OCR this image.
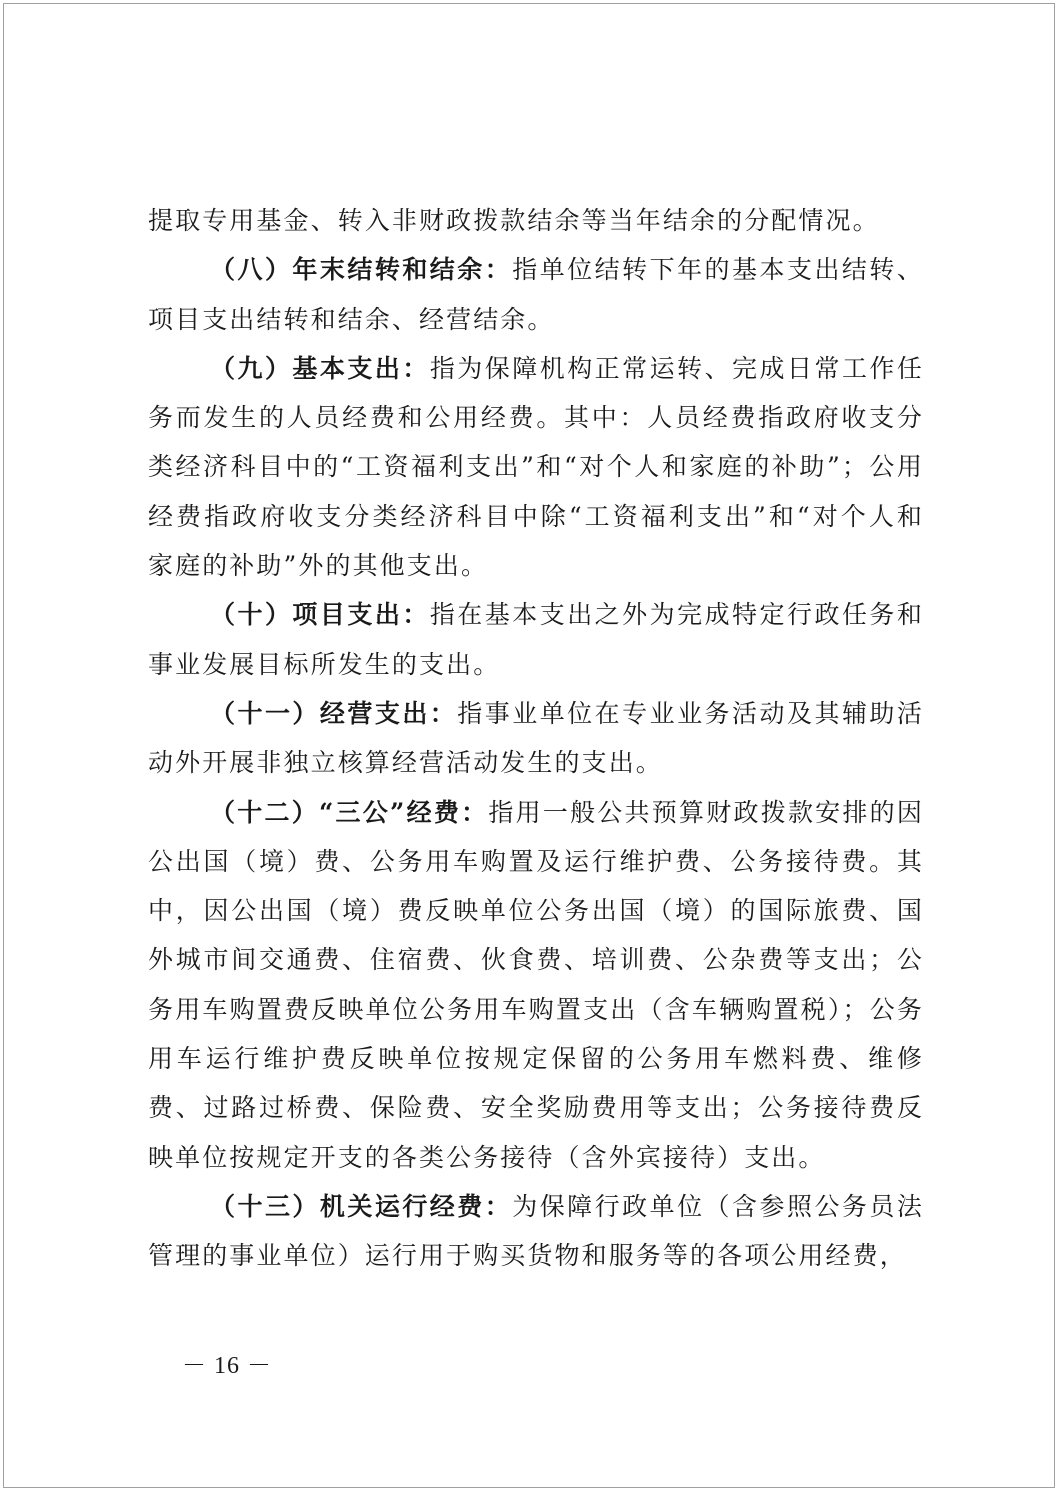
提取专用基金、转入非财政拨款结余等当年结余的分配情况。

（八）年末结转和结余：指单位结转下年的基本支出结转、项目支出结转和结余、经营结余。

（九）基本支出：指为保障机构正常运转、完成日常工作任务而发生的人员经费和公用经费。其中：人员经费指政府收支分类经济科目中的“工资福利支出”和“对个人和家庭的补助”；公用经费指政府收支分类经济科目中除“工资福利支出”和“对个人和家庭的补助”外的其他支出。

（十）项目支出：指在基本支出之外为完成特定行政任务和事业发展目标所发生的支出。

（十一）经营支出：指事业单位在专业业务活动及其辅助活动外开展非独立核算经营活动发生的支出。

（十二）“三公”经费：指用一般公共预算财政拨款安排的因公出国（境）费、公务用车购置及运行维护费、公务接待费。其中，因公出国（境）费反映单位公务出国（境）的国际旅费、国外城市间交通费、住宿费、伙食费、培训费、公杂费等支出；公务用车购置费反映单位公务用车购置支出（含车辆购置税）；公务用车运行维护费反映单位按规定保留的公务用车燃料费、维修费、过路过桥费、保险费、安全奖励费用等支出；公务接待费反映单位按规定开支的各类公务接待（含外宾接待）支出。

（十三）机关运行经费：为保障行政单位（含参照公务员法管理的事业单位）运行用于购买货物和服务等的各项公用经费，

－ 16 －
